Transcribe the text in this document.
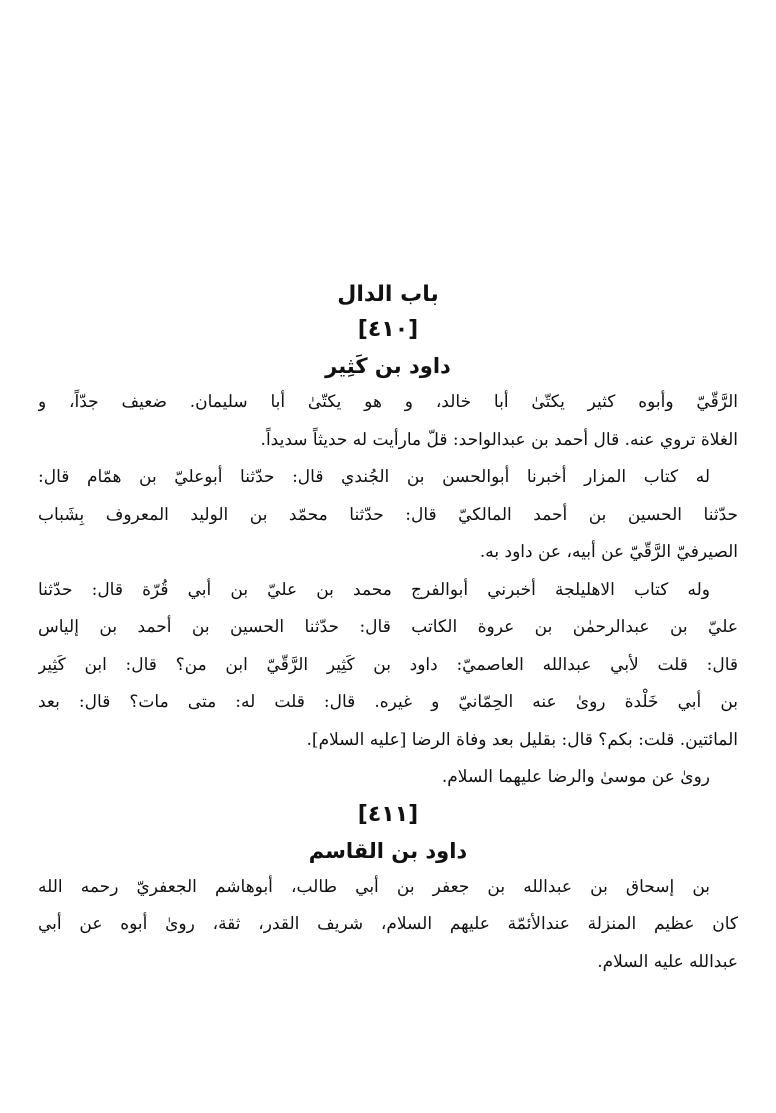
باب الدال
[٤١٠]
داود بن كَثِير

الرَّقّيّ وأبوه كثير يكتّىٰ أبا خالد، و هو يكتّىٰ أبا سليمان. ضعيف جدّاً، و
الغلاة تروي عنه. قال أحمد بن عبدالواحد: قلّ مارأيت له حديثاً سديداً.

له كتاب المزار أخبرنا أبوالحسن بن الجُندي قال: حدّثنا أبوعليّ بن همّام قال:
حدّثنا الحسين بن أحمد المالكيّ قال: حدّثنا محمّد بن الوليد المعروف بِشَباب
الصيرفيّ الرَّقّيّ عن أبيه، عن داود به.

وله كتاب الاهليلجة أخبرني أبوالفرج محمد بن عليّ بن أبي قُرّة قال: حدّثنا
عليّ بن عبدالرحمٰن بن عروة الكاتب قال: حدّثنا الحسين بن أحمد بن إلياس
قال: قلت لأبي عبدالله العاصميّ: داود بن كَثِير الرَّقّيّ ابن من؟ قال: ابن كَثِير
بن أبي خَلْدة روىٰ عنه الحِمّانيّ و غيره. قال: قلت له: متى مات؟ قال: بعد
المائتين. قلت: بكم؟ قال: بقليل بعد وفاة الرضا [عليه السلام].

روىٰ عن موسىٰ والرضا عليهما السلام.

[٤١١]
داود بن القاسم

بن إسحاق بن عبدالله بن جعفر بن أبي طالب، أبوهاشم الجعفريّ رحمه الله
كان عظيم المنزلة عندالأئمّة عليهم السلام، شريف القدر، ثقة، روىٰ أبوه عن أبي
عبدالله عليه السلام.
